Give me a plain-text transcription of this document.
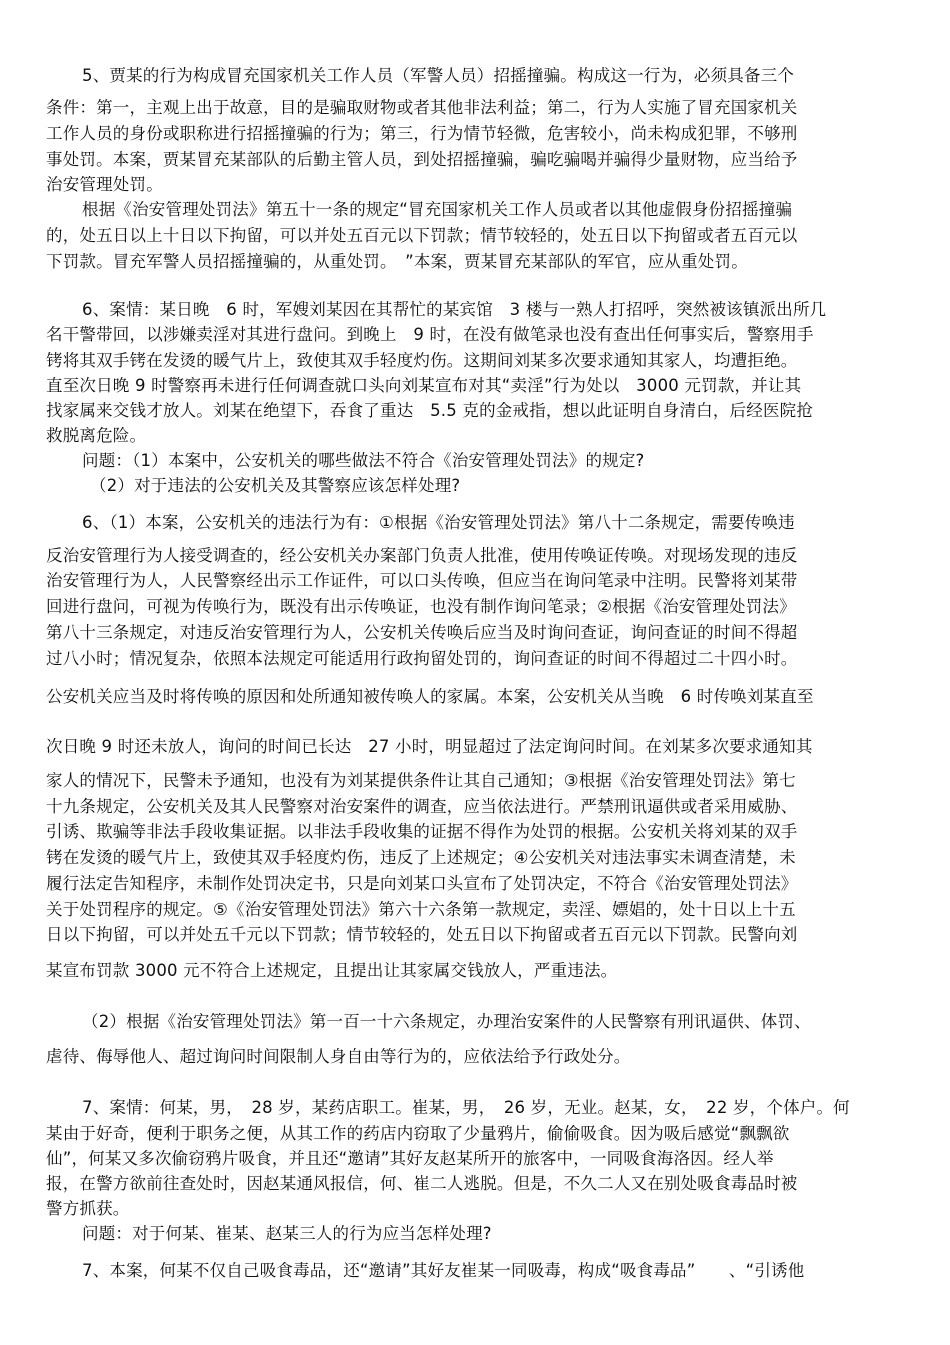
5、贾某的行为构成冒充国家机关工作人员（军警人员）招摇撞骗。构成这一行为，必须具备三个
条件：第一，主观上出于故意，目的是骗取财物或者其他非法利益；第二，行为人实施了冒充国家机关
工作人员的身份或职称进行招摇撞骗的行为；第三，行为情节轻微，危害较小，尚未构成犯罪，不够刑
事处罚。本案，贾某冒充某部队的后勤主管人员，到处招摇撞骗，骗吃骗喝并骗得少量财物，应当给予
治安管理处罚。
根据《治安管理处罚法》第五十一条的规定“冒充国家机关工作人员或者以其他虚假身份招摇撞骗
的，处五日以上十日以下拘留，可以并处五百元以下罚款；情节较轻的，处五日以下拘留或者五百元以
下罚款。冒充军警人员招摇撞骗的，从重处罚。　”本案，贾某冒充某部队的军官，应从重处罚。
6、案情：某日晚　6 时，军嫂刘某因在其帮忙的某宾馆　3 楼与一熟人打招呼，突然被该镇派出所几
名干警带回，以涉嫌卖淫对其进行盘问。到晚上　9 时，在没有做笔录也没有查出任何事实后，警察用手
铐将其双手铐在发烫的暖气片上，致使其双手轻度灼伤。这期间刘某多次要求通知其家人，均遭拒绝。
直至次日晚 9 时警察再未进行任何调查就口头向刘某宣布对其“卖淫”行为处以　3000 元罚款，并让其
找家属来交钱才放人。刘某在绝望下，吞食了重达　5.5 克的金戒指，想以此证明自身清白，后经医院抢
救脱离危险。
问题：（1）本案中，公安机关的哪些做法不符合《治安管理处罚法》的规定?
（2）对于违法的公安机关及其警察应该怎样处理?
6、（1）本案，公安机关的违法行为有：①根据《治安管理处罚法》第八十二条规定，需要传唤违
反治安管理行为人接受调查的，经公安机关办案部门负责人批准，使用传唤证传唤。对现场发现的违反
治安管理行为人，人民警察经出示工作证件，可以口头传唤，但应当在询问笔录中注明。民警将刘某带
回进行盘问，可视为传唤行为，既没有出示传唤证，也没有制作询问笔录；②根据《治安管理处罚法》
第八十三条规定，对违反治安管理行为人，公安机关传唤后应当及时询问查证，询问查证的时间不得超
过八小时；情况复杂，依照本法规定可能适用行政拘留处罚的，询问查证的时间不得超过二十四小时。
公安机关应当及时将传唤的原因和处所通知被传唤人的家属。本案，公安机关从当晚　6 时传唤刘某直至
次日晚 9 时还未放人，询问的时间已长达　27 小时，明显超过了法定询问时间。在刘某多次要求通知其
家人的情况下，民警未予通知，也没有为刘某提供条件让其自己通知；③根据《治安管理处罚法》第七
十九条规定，公安机关及其人民警察对治安案件的调查，应当依法进行。严禁刑讯逼供或者采用威胁、
引诱、欺骗等非法手段收集证据。以非法手段收集的证据不得作为处罚的根据。公安机关将刘某的双手
铐在发烫的暖气片上，致使其双手轻度灼伤，违反了上述规定；④公安机关对违法事实未调查清楚，未
履行法定告知程序，未制作处罚决定书，只是向刘某口头宣布了处罚决定，不符合《治安管理处罚法》
关于处罚程序的规定。⑤《治安管理处罚法》第六十六条第一款规定，卖淫、嫖娼的，处十日以上十五
日以下拘留，可以并处五千元以下罚款；情节较轻的，处五日以下拘留或者五百元以下罚款。民警向刘
某宣布罚款 3000 元不符合上述规定，且提出让其家属交钱放人，严重违法。
（2）根据《治安管理处罚法》第一百一十六条规定，办理治安案件的人民警察有刑讯逼供、体罚、
虐待、侮辱他人、超过询问时间限制人身自由等行为的，应依法给予行政处分。
7、案情：何某，男，　28 岁，某药店职工。崔某，男，　26 岁，无业。赵某，女，　22 岁，个体户。何
某由于好奇，便利于职务之便，从其工作的药店内窃取了少量鸦片，偷偷吸食。因为吸后感觉“飘飘欲
仙”，何某又多次偷窃鸦片吸食，并且还“邀请”其好友赵某所开的旅客中，一同吸食海洛因。经人举
报，在警方欲前往查处时，因赵某通风报信，何、崔二人逃脱。但是，不久二人又在别处吸食毒品时被
警方抓获。
问题：对于何某、崔某、赵某三人的行为应当怎样处理?
7、本案，何某不仅自己吸食毒品，还“邀请”其好友崔某一同吸毒，构成“吸食毒品”　　、“引诱他
